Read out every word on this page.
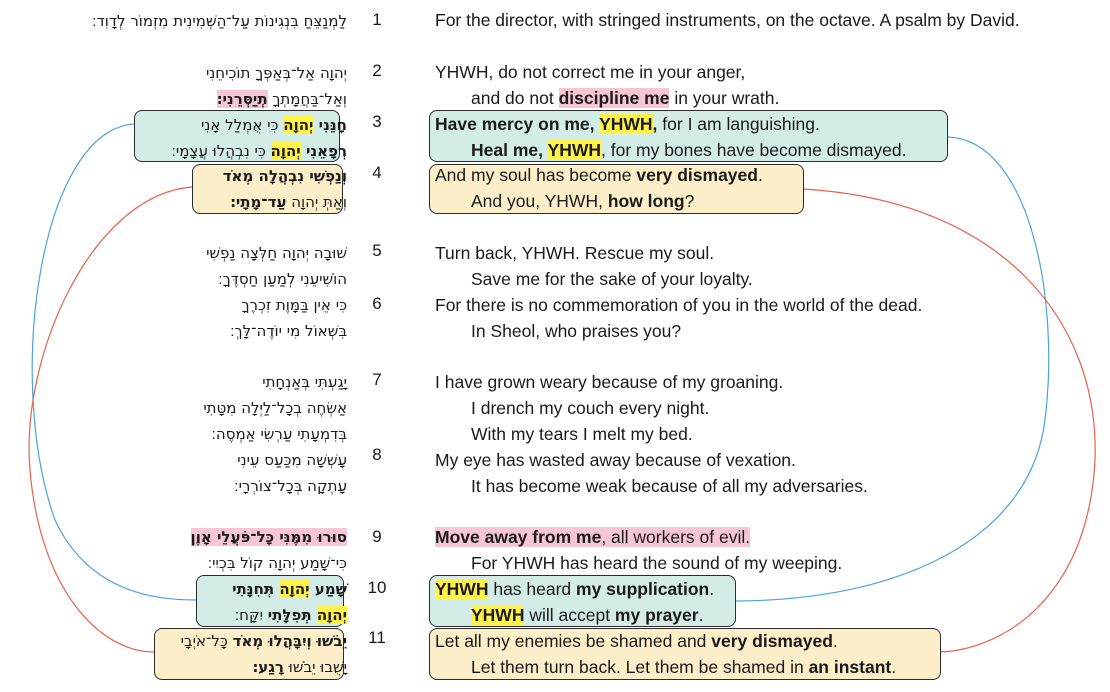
1
2
3
4
5
6
7
8
9
10
11
לַמְנַצֵּחַ בִּנְגִינוֹת עַל־הַשְּׁמִינִית מִזְמוֹר לְדָוִד׃
יְהוָה אַל־בְּאַפְּךָ תוֹכִיחֵנִי
וְאַל־בַּחֲמָתְךָ תְיַסְּרֵנִי׃
חָנֵּנִי יְהוָה כִּי אֻמְלַל אָנִי
רְפָאֵנִי יְהוָה כִּי נִבְהֲלוּ עֲצָמָי׃
וְנַפְשִׁי נִבְהֲלָה מְאֹד
וְאַתְּ יְהוָה עַד־מָתָי׃
שׁוּבָה יְהוָה חַלְּצָה נַפְשִׁי
הוֹשִׁיעֵנִי לְמַעַן חַסְדֶּךָ׃
כִּי אֵין בַּמָּוֶת זִכְרֶךָ
בִּשְׁאוֹל מִי יוֹדֶה־לָּךְ׃
יָגַעְתִּי בְּאַנְחָתִי
אַשְׂחֶה בְכָל־לַיְלָה מִטָּתִי
בְּדִמְעָתִי עַרְשִׂי אַמְסֶה׃
עָשְׁשָׁה מִכַּעַס עֵינִי
עָתְקָה בְּכָל־צוֹרְרָי׃
סוּרוּ מִמֶּנִּי כָּל־פֹּעֲלֵי אָוֶן
כִּי־שָׁמַע יְהוָה קוֹל בִּכְיִי׃
שָׁמַע יְהוָה תְּחִנָּתִי
יְהוָה תְּפִלָּתִי יִקָּח׃
יֵבֹשׁוּ וְיִבָּהֲלוּ מְאֹד כָּל־אֹיְבָי
יָשֻׁבוּ יֵבֹשׁוּ רָגַע׃
For the director, with stringed instruments, on the octave. A psalm by David.
YHWH, do not correct me in your anger,
and do not discipline me in your wrath.
Have mercy on me, YHWH, for I am languishing.
Heal me, YHWH, for my bones have become dismayed.
And my soul has become very dismayed.
And you, YHWH, how long?
Turn back, YHWH. Rescue my soul.
Save me for the sake of your loyalty.
For there is no commemoration of you in the world of the dead.
In Sheol, who praises you?
I have grown weary because of my groaning.
I drench my couch every night.
With my tears I melt my bed.
My eye has wasted away because of vexation.
It has become weak because of all my adversaries.
Move away from me, all workers of evil.
For YHWH has heard the sound of my weeping.
YHWH has heard my supplication.
YHWH will accept my prayer.
Let all my enemies be shamed and very dismayed.
Let them turn back. Let them be shamed in an instant.
